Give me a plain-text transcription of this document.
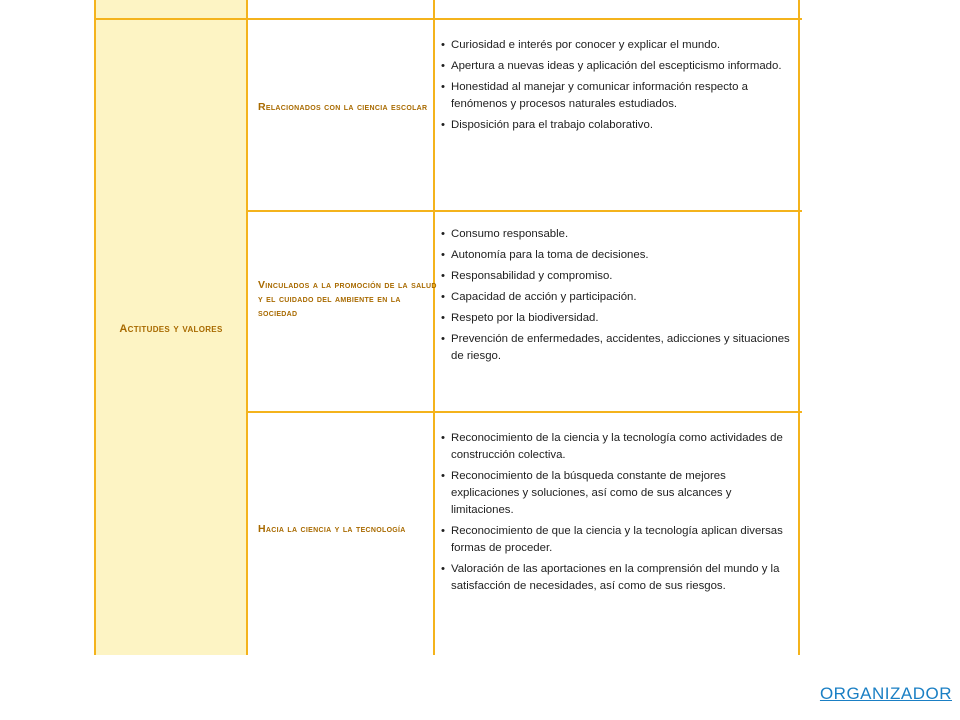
Actitudes y valores
Relacionados con la ciencia escolar
• Curiosidad e interés por conocer y explicar el mundo.
• Apertura a nuevas ideas y aplicación del escepticismo informado.
• Honestidad al manejar y comunicar información respecto a fenómenos y procesos naturales estudiados.
• Disposición para el trabajo colaborativo.
Vinculados a la promoción de la salud y el cuidado del ambiente en la sociedad
• Consumo responsable.
• Autonomía para la toma de decisiones.
• Responsabilidad y compromiso.
• Capacidad de acción y participación.
• Respeto por la biodiversidad.
• Prevención de enfermedades, accidentes, adicciones y situaciones de riesgo.
Hacia la ciencia y la tecnología
• Reconocimiento de la ciencia y la tecnología como actividades de construcción colectiva.
• Reconocimiento de la búsqueda constante de mejores explicaciones y soluciones, así como de sus alcances y limitaciones.
• Reconocimiento de que la ciencia y la tecnología aplican diversas formas de proceder.
• Valoración de las aportaciones en la comprensión del mundo y la satisfacción de necesidades, así como de sus riesgos.
ORGANIZADOR
